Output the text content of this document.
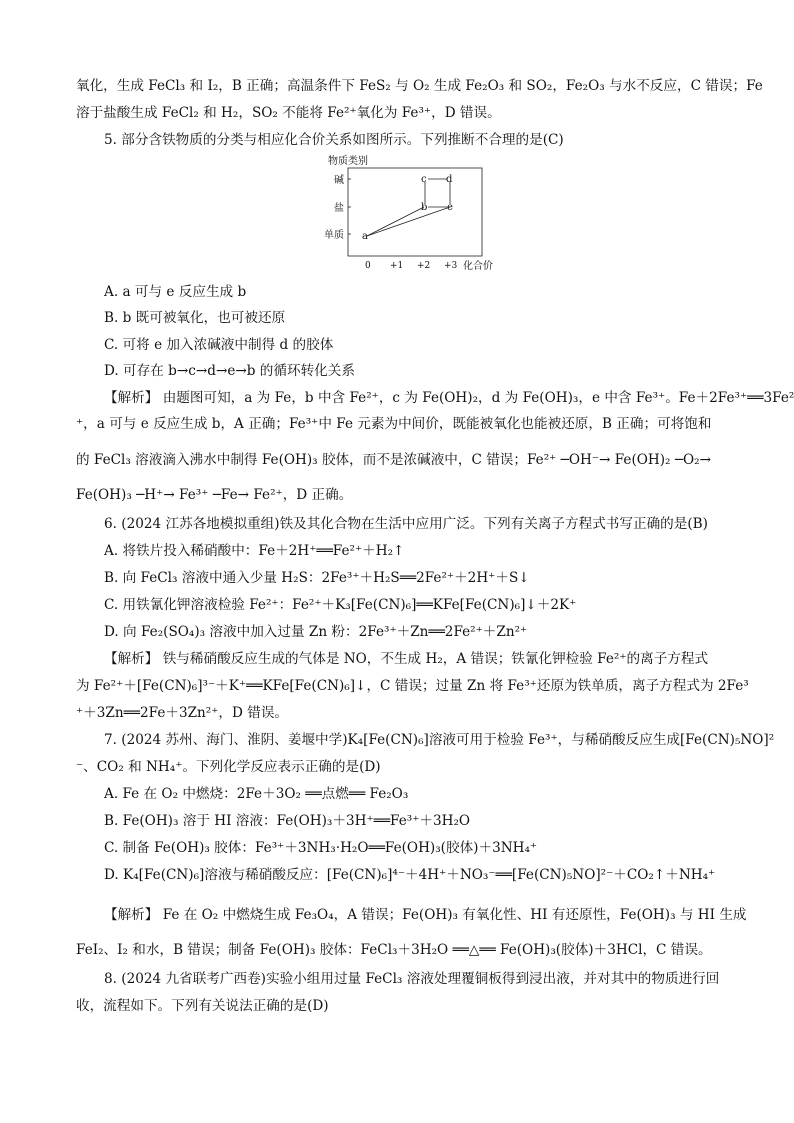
氧化，生成 FeCl₃ 和 I₂，B 正确；高温条件下 FeS₂ 与 O₂ 生成 Fe₂O₃ 和 SO₂，Fe₂O₃ 与水不反应，C 错误；Fe
溶于盐酸生成 FeCl₂ 和 H₂，SO₂ 不能将 Fe²⁺氧化为 Fe³⁺，D 错误。
5. 部分含铁物质的分类与相应化合价关系如图所示。下列推断不合理的是(C)
A. a 可与 e 反应生成 b
B. b 既可被氧化，也可被还原
C. 可将 e 加入浓碱液中制得 d 的胶体
D. 可存在 b→c→d→e→b 的循环转化关系
【解析】 由题图可知，a 为 Fe，b 中含 Fe²⁺，c 为 Fe(OH)₂，d 为 Fe(OH)₃，e 中含 Fe³⁺。Fe＋2Fe³⁺══3Fe²
⁺，a 可与 e 反应生成 b，A 正确；Fe³⁺中 Fe 元素为中间价，既能被氧化也能被还原，B 正确；可将饱和
的 FeCl₃ 溶液滴入沸水中制得 Fe(OH)₃ 胶体，而不是浓碱液中，C 错误；Fe²⁺ ─OH⁻→ Fe(OH)₂ ─O₂→
Fe(OH)₃ ─H⁺→ Fe³⁺ ─Fe→ Fe²⁺，D 正确。
6. (2024 江苏各地模拟重组)铁及其化合物在生活中应用广泛。下列有关离子方程式书写正确的是(B)
A. 将铁片投入稀硝酸中：Fe＋2H⁺══Fe²⁺＋H₂↑
B. 向 FeCl₃ 溶液中通入少量 H₂S：2Fe³⁺＋H₂S══2Fe²⁺＋2H⁺＋S↓
C. 用铁氰化钾溶液检验 Fe²⁺：Fe²⁺＋K₃[Fe(CN)₆]══KFe[Fe(CN)₆]↓＋2K⁺
D. 向 Fe₂(SO₄)₃ 溶液中加入过量 Zn 粉：2Fe³⁺＋Zn══2Fe²⁺＋Zn²⁺
【解析】 铁与稀硝酸反应生成的气体是 NO，不生成 H₂，A 错误；铁氰化钾检验 Fe²⁺的离子方程式
为 Fe²⁺＋[Fe(CN)₆]³⁻＋K⁺══KFe[Fe(CN)₆]↓，C 错误；过量 Zn 将 Fe³⁺还原为铁单质，离子方程式为 2Fe³
⁺＋3Zn══2Fe＋3Zn²⁺，D 错误。
7. (2024 苏州、海门、淮阴、姜堰中学)K₄[Fe(CN)₆]溶液可用于检验 Fe³⁺，与稀硝酸反应生成[Fe(CN)₅NO]²
⁻、CO₂ 和 NH₄⁺。下列化学反应表示正确的是(D)
A. Fe 在 O₂ 中燃烧：2Fe＋3O₂ ══点燃══ Fe₂O₃
B. Fe(OH)₃ 溶于 HI 溶液：Fe(OH)₃＋3H⁺══Fe³⁺＋3H₂O
C. 制备 Fe(OH)₃ 胶体：Fe³⁺＋3NH₃·H₂O══Fe(OH)₃(胶体)＋3NH₄⁺
D. K₄[Fe(CN)₆]溶液与稀硝酸反应：[Fe(CN)₆]⁴⁻＋4H⁺＋NO₃⁻══[Fe(CN)₅NO]²⁻＋CO₂↑＋NH₄⁺
【解析】 Fe 在 O₂ 中燃烧生成 Fe₃O₄，A 错误；Fe(OH)₃ 有氧化性、HI 有还原性，Fe(OH)₃ 与 HI 生成
FeI₂、I₂ 和水，B 错误；制备 Fe(OH)₃ 胶体：FeCl₃＋3H₂O ══△══ Fe(OH)₃(胶体)＋3HCl，C 错误。
8. (2024 九省联考广西卷)实验小组用过量 FeCl₃ 溶液处理覆铜板得到浸出液，并对其中的物质进行回
收，流程如下。下列有关说法正确的是(D)
物质类别
碱
盐
单质
0 +1 +2 +3 化合价
a
b
c d
e
